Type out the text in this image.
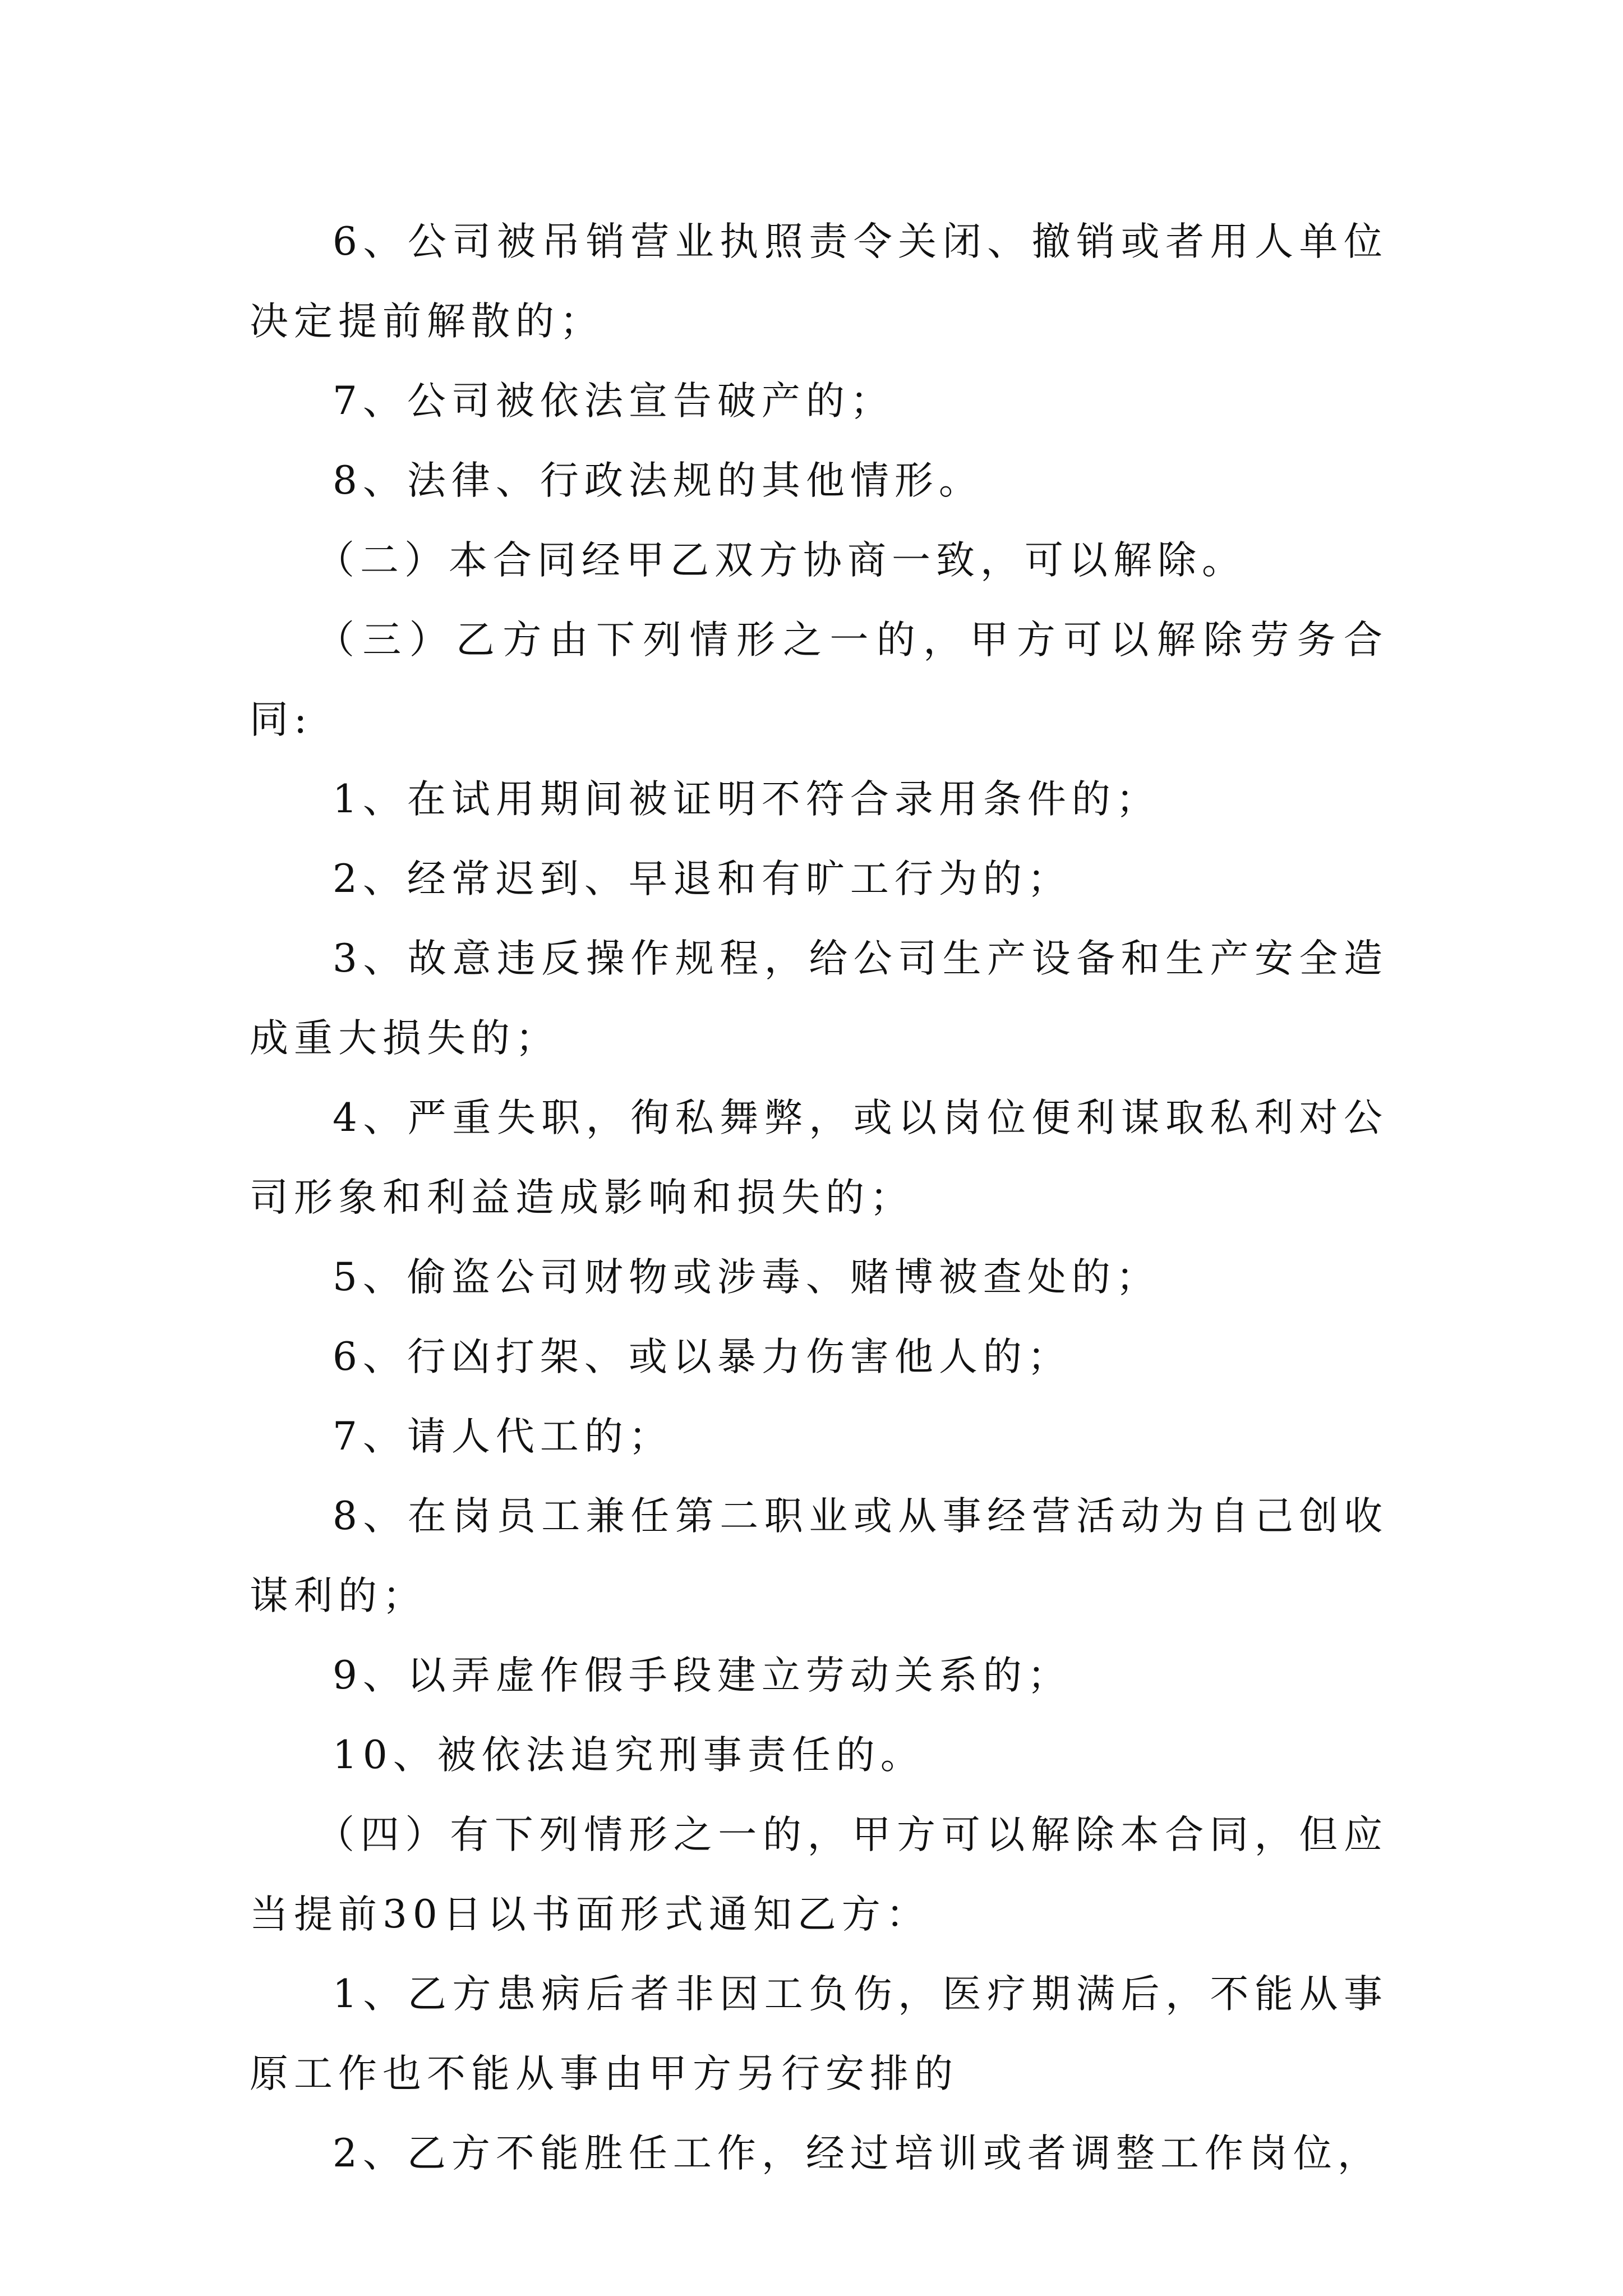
6、公司被吊销营业执照责令关闭、撤销或者用人单位决定提前解散的；

7、公司被依法宣告破产的；

8、法律、行政法规的其他情形。

（二）本合同经甲乙双方协商一致，可以解除。

（三）乙方由下列情形之一的，甲方可以解除劳务合同:

1、在试用期间被证明不符合录用条件的；

2、经常迟到、早退和有旷工行为的；

3、故意违反操作规程，给公司生产设备和生产安全造成重大损失的；

4、严重失职，徇私舞弊，或以岗位便利谋取私利对公司形象和利益造成影响和损失的；

5、偷盗公司财物或涉毒、赌博被查处的；

6、行凶打架、或以暴力伤害他人的；

7、请人代工的；

8、在岗员工兼任第二职业或从事经营活动为自己创收谋利的；

9、以弄虚作假手段建立劳动关系的；

10、被依法追究刑事责任的。

（四）有下列情形之一的，甲方可以解除本合同，但应当提前30日以书面形式通知乙方：

1、乙方患病后者非因工负伤，医疗期满后，不能从事原工作也不能从事由甲方另行安排的

2、乙方不能胜任工作，经过培训或者调整工作岗位，
